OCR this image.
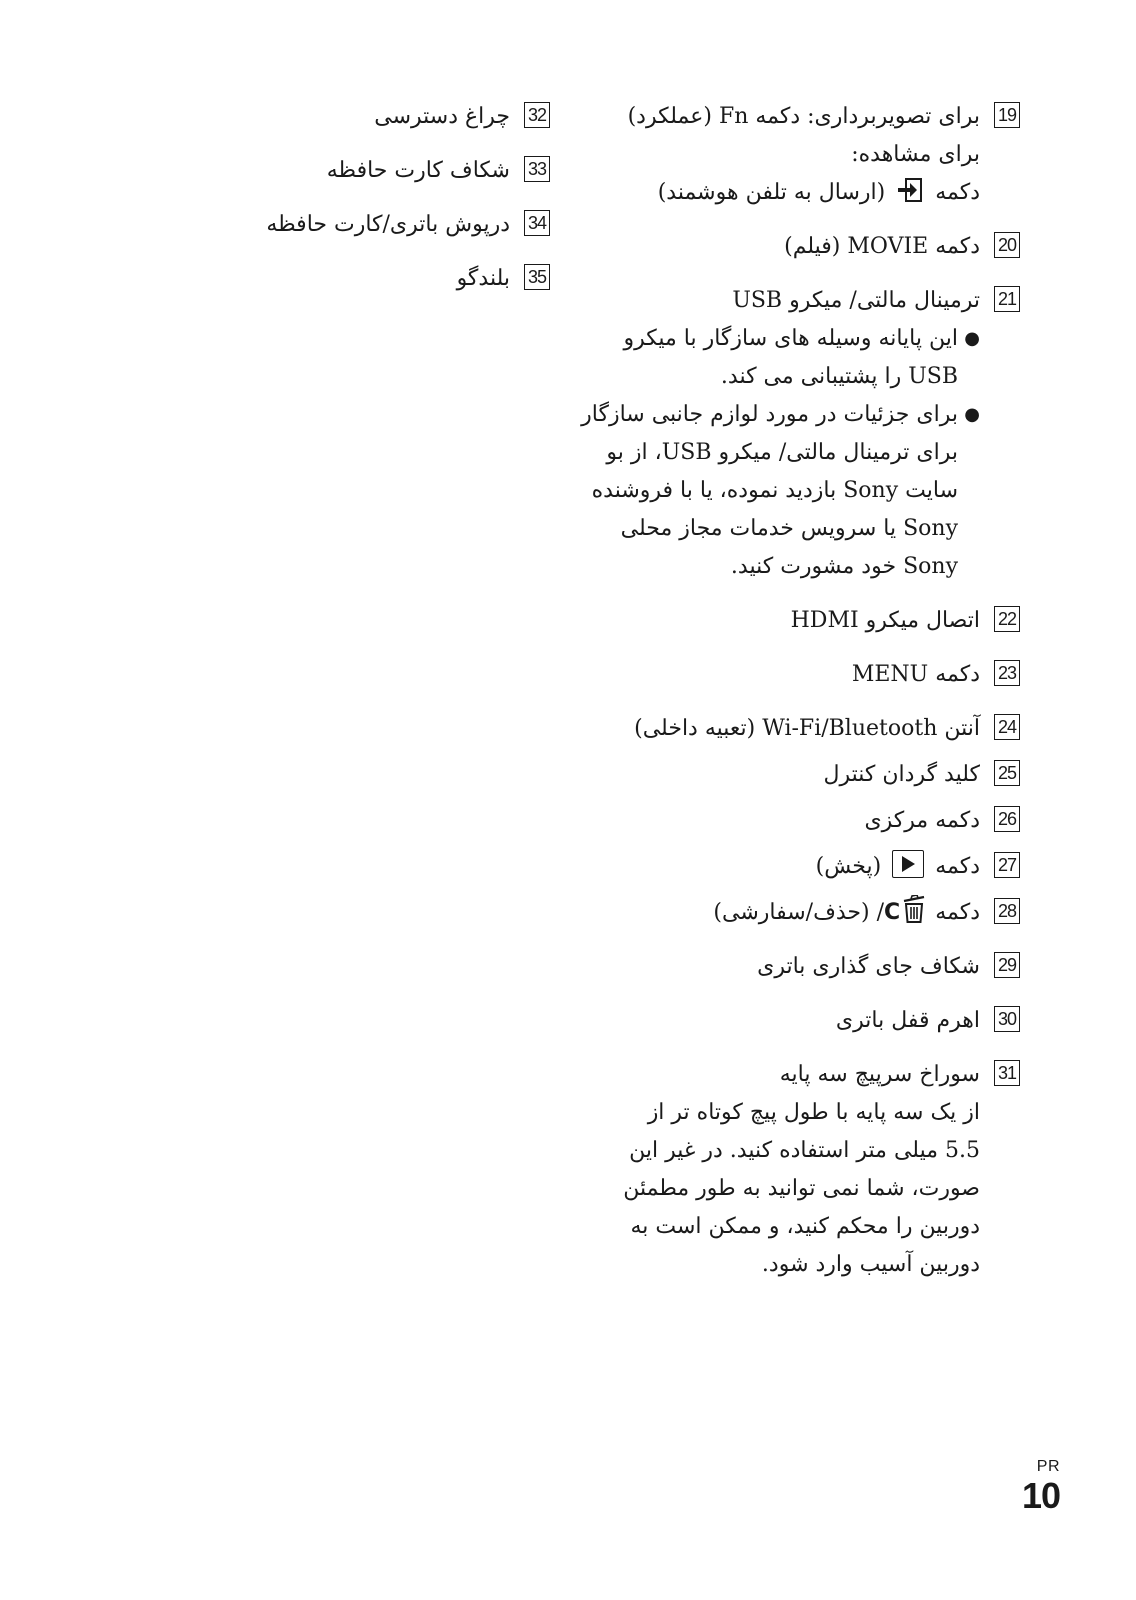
19
برای تصویربرداری: دکمه Fn (عملکرد)
برای مشاهده:
دکمه  (ارسال به تلفن هوشمند)
20
دکمه MOVIE (فیلم)
21
ترمینال مالتی/ میکرو USB
●
این پایانه وسیله های سازگار با میکرو
USB را پشتیبانی می کند.
●
برای جزئیات در مورد لوازم جانبی سازگار
برای ترمینال مالتی/ میکرو USB، از بو
سایت Sony بازدید نموده، یا با فروشنده
Sony یا سرویس خدمات مجاز محلی
Sony خود مشورت کنید.
22
اتصال میکرو HDMI
23
دکمه MENU
24
آنتن Wi-Fi/Bluetooth (تعبیه داخلی)
25
کلید گردان کنترل
26
دکمه مرکزی
27
دکمه
(پخش)
28
دکمه C/ (حذف/سفارشی)
29
شکاف جای گذاری باتری
30
اهرم قفل باتری
31
سوراخ سرپیچ سه پایه
از یک سه پایه با طول پیچ کوتاه تر از
5.5 میلی متر استفاده کنید. در غیر این
صورت، شما نمی توانید به طور مطمئن
دوربین را محکم کنید، و ممکن است به
دوربین آسیب وارد شود.
32
چراغ دسترسی
33
شکاف کارت حافظه
34
درپوش باتری/کارت حافظه
35
بلندگو
PR
10
